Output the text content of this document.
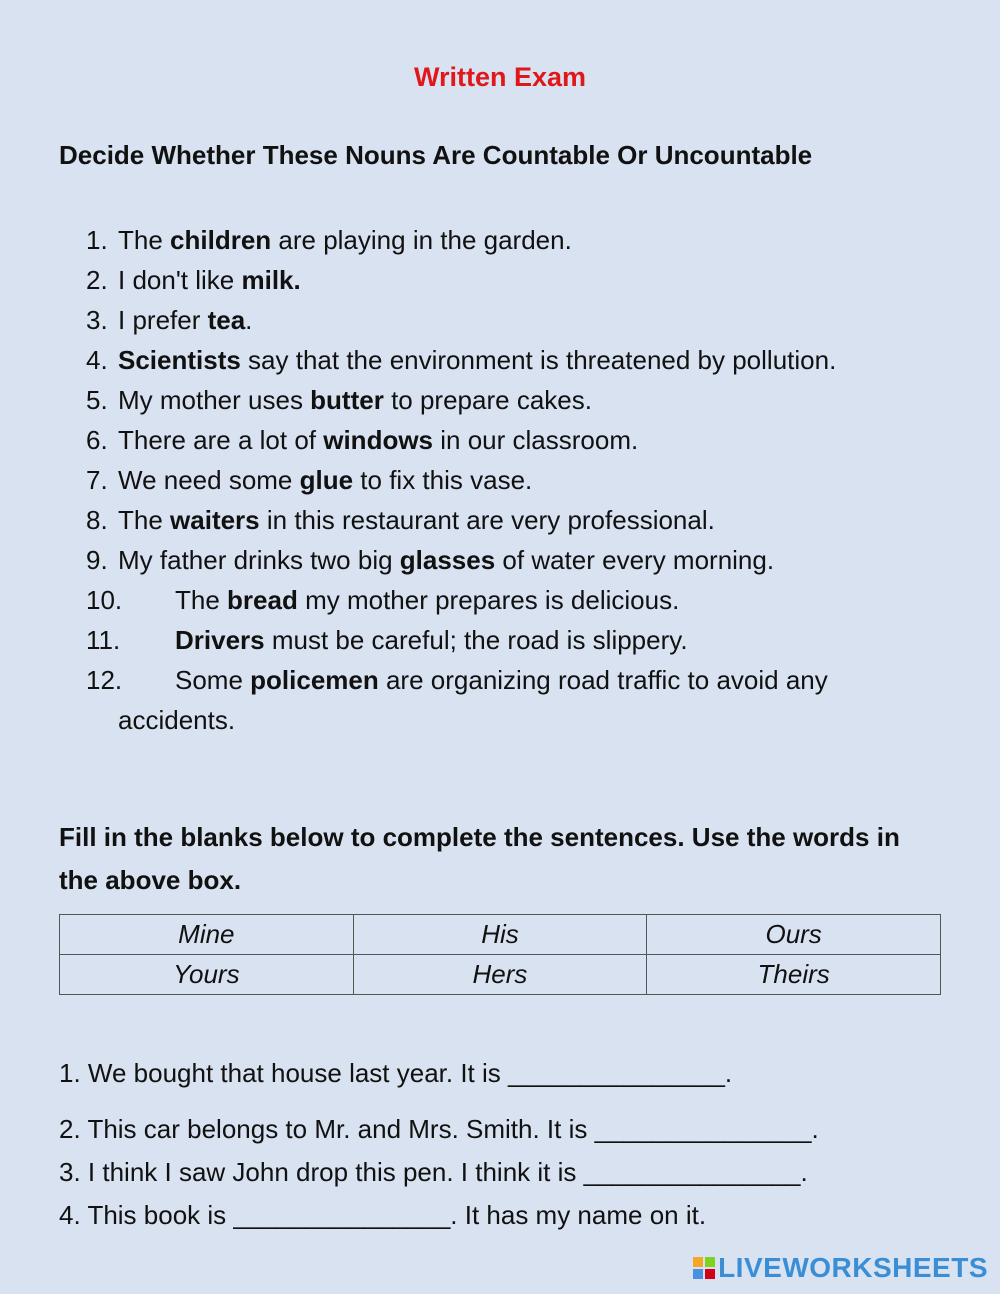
Written Exam
Decide Whether These Nouns Are Countable Or Uncountable
1. The children are playing in the garden.
2. I don't like milk.
3. I prefer tea.
4. Scientists say that the environment is threatened by pollution.
5. My mother uses butter to prepare cakes.
6. There are a lot of windows in our classroom.
7. We need some glue to fix this vase.
8. The waiters in this restaurant are very professional.
9. My father drinks two big glasses of water every morning.
10. The bread my mother prepares is delicious.
11. Drivers must be careful; the road is slippery.
12. Some policemen are organizing road traffic to avoid any accidents.
Fill in the blanks below to complete the sentences. Use the words in the above box.
Mine	His	Ours
Yours	Hers	Theirs
1. We bought that house last year. It is _______________.
2. This car belongs to Mr. and Mrs. Smith. It is _______________.
3. I think I saw John drop this pen. I think it is _______________.
4. This book is _______________. It has my name on it.
LIVEWORKSHEETS
